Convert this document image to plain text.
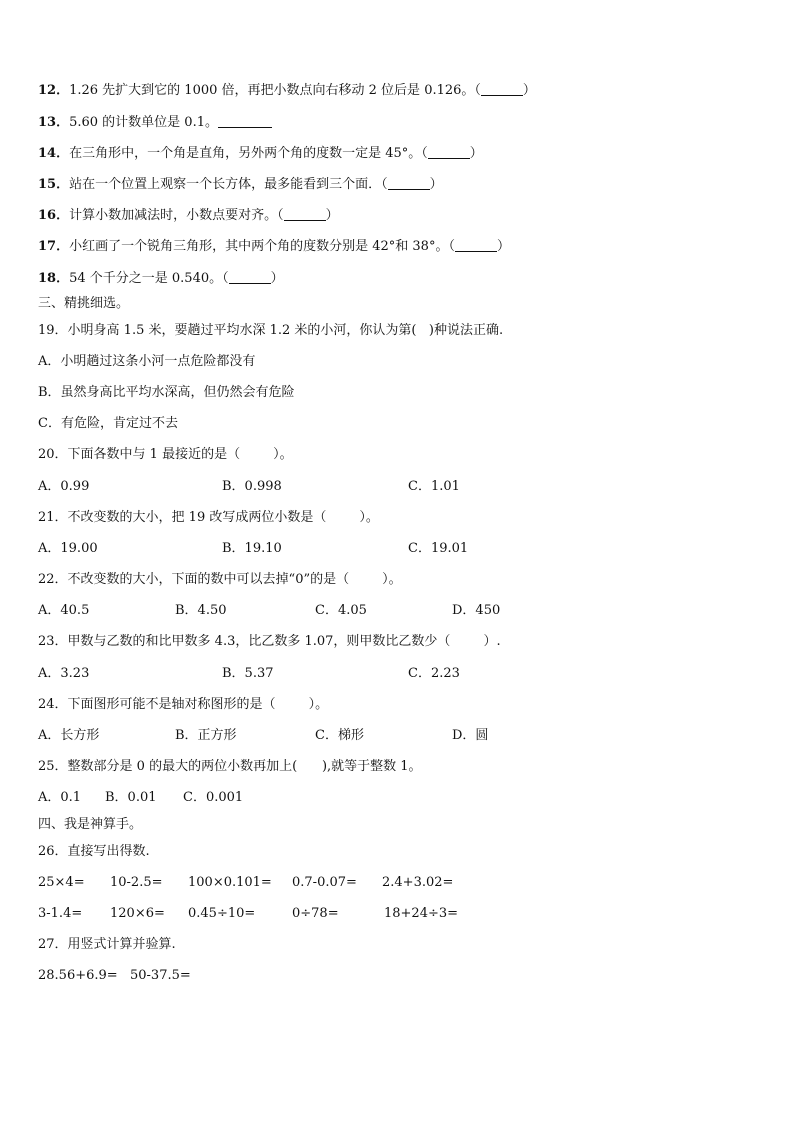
12．1.26 先扩大到它的 1000 倍，再把小数点向右移动 2 位后是 0.126。（	）
13．5.60 的计数单位是 0.1。
14．在三角形中，一个角是直角，另外两个角的度数一定是 45°。（	）
15．站在一个位置上观察一个长方体，最多能看到三个面．（	）
16．计算小数加减法时，小数点要对齐。（	）
17．小红画了一个锐角三角形，其中两个角的度数分别是 42°和 38°。（	）
18．54 个千分之一是 0.540。（	）
三、精挑细选。
19．小明身高 1.5 米，要趟过平均水深 1.2 米的小河，你认为第(   )种说法正确.
A．小明趟过这条小河一点危险都没有
B．虽然身高比平均水深高，但仍然会有危险
C．有危险，肯定过不去
20．下面各数中与 1 最接近的是（        ）。
A．0.99	B．0.998	C．1.01
21．不改变数的大小，把 19 改写成两位小数是（        ）。
A．19.00	B．19.10	C．19.01
22．不改变数的大小，下面的数中可以去掉“0”的是（        ）。
A．40.5	B．4.50	C．4.05	D．450
23．甲数与乙数的和比甲数多 4.3，比乙数多 1.07，则甲数比乙数少（        ）.
A．3.23	B．5.37	C．2.23
24．下面图形可能不是轴对称图形的是（        ）。
A．长方形	B．正方形	C．梯形	D．圆
25．整数部分是 0 的最大的两位小数再加上(      ),就等于整数 1。
A．0.1 B．0.01 C．0.001
四、我是神算手。
26．直接写出得数.
25×4= 10-2.5= 100×0.101= 0.7-0.07= 2.4+3.02=
3-1.4= 120×6= 0.45÷10=	0÷78=	18+24÷3=
27．用竖式计算并验算.
28.56+6.9= 50-37.5=
